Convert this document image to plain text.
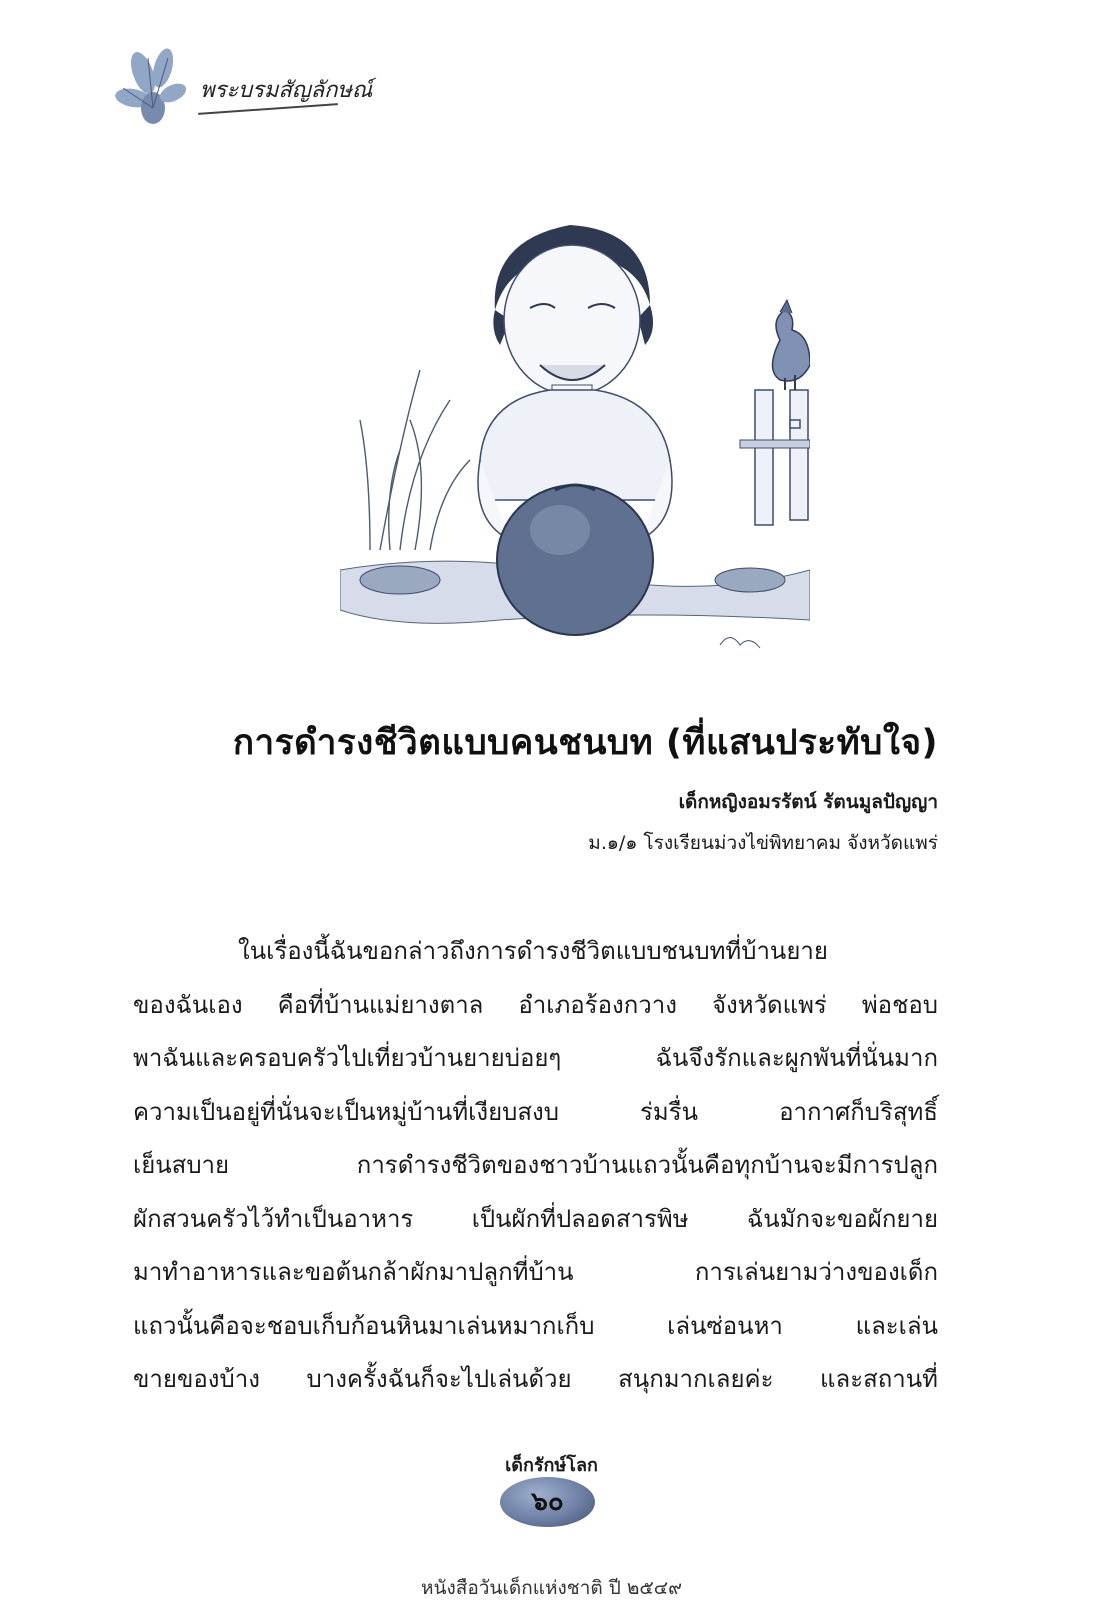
พระบรมสัญลักษณ์
การดำรงชีวิตแบบคนชนบท (ที่แสนประทับใจ)
เด็กหญิงอมรรัตน์ รัตนมูลปัญญา
ม.๑/๑ โรงเรียนม่วงไข่พิทยาคม จังหวัดแพร่
ในเรื่องนี้ฉันขอกล่าวถึงการดำรงชีวิตแบบชนบทที่บ้านยาย
ของฉันเอง คือที่บ้านแม่ยางตาล อำเภอร้องกวาง จังหวัดแพร่ พ่อชอบ
พาฉันและครอบครัวไปเที่ยวบ้านยายบ่อยๆ ฉันจึงรักและผูกพันที่นั่นมาก
ความเป็นอยู่ที่นั่นจะเป็นหมู่บ้านที่เงียบสงบ ร่มรื่น อากาศก็บริสุทธิ์
เย็นสบาย การดำรงชีวิตของชาวบ้านแถวนั้นคือทุกบ้านจะมีการปลูก
ผักสวนครัวไว้ทำเป็นอาหาร เป็นผักที่ปลอดสารพิษ ฉันมักจะขอผักยาย
มาทำอาหารและขอต้นกล้าผักมาปลูกที่บ้าน การเล่นยามว่างของเด็ก
แถวนั้นคือจะชอบเก็บก้อนหินมาเล่นหมากเก็บ เล่นซ่อนหา และเล่น
ขายของบ้าง บางครั้งฉันก็จะไปเล่นด้วย สนุกมากเลยค่ะ และสถานที่
เด็กรักษ์โลก
๖๐
หนังสือวันเด็กแห่งชาติ ปี ๒๕๔๙
